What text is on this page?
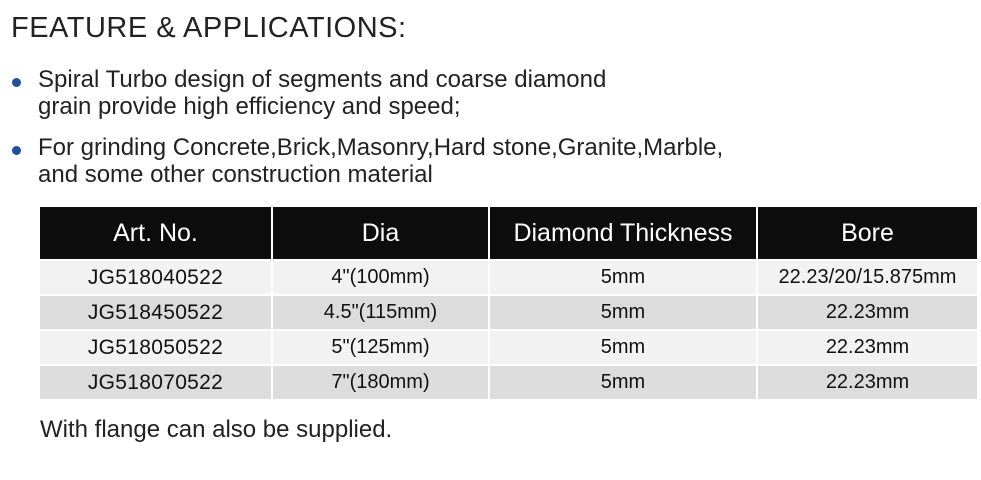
FEATURE & APPLICATIONS:
Spiral Turbo design of segments and coarse diamond
grain provide high efficiency and speed;
For grinding Concrete,Brick,Masonry,Hard stone,Granite,Marble,
and some other construction material
Art. No.	Dia	Diamond Thickness	Bore
JG518040522	4"(100mm)	5mm	22.23/20/15.875mm
JG518450522	4.5"(115mm)	5mm	22.23mm
JG518050522	5"(125mm)	5mm	22.23mm
JG518070522	7"(180mm)	5mm	22.23mm
With flange can also be supplied.
